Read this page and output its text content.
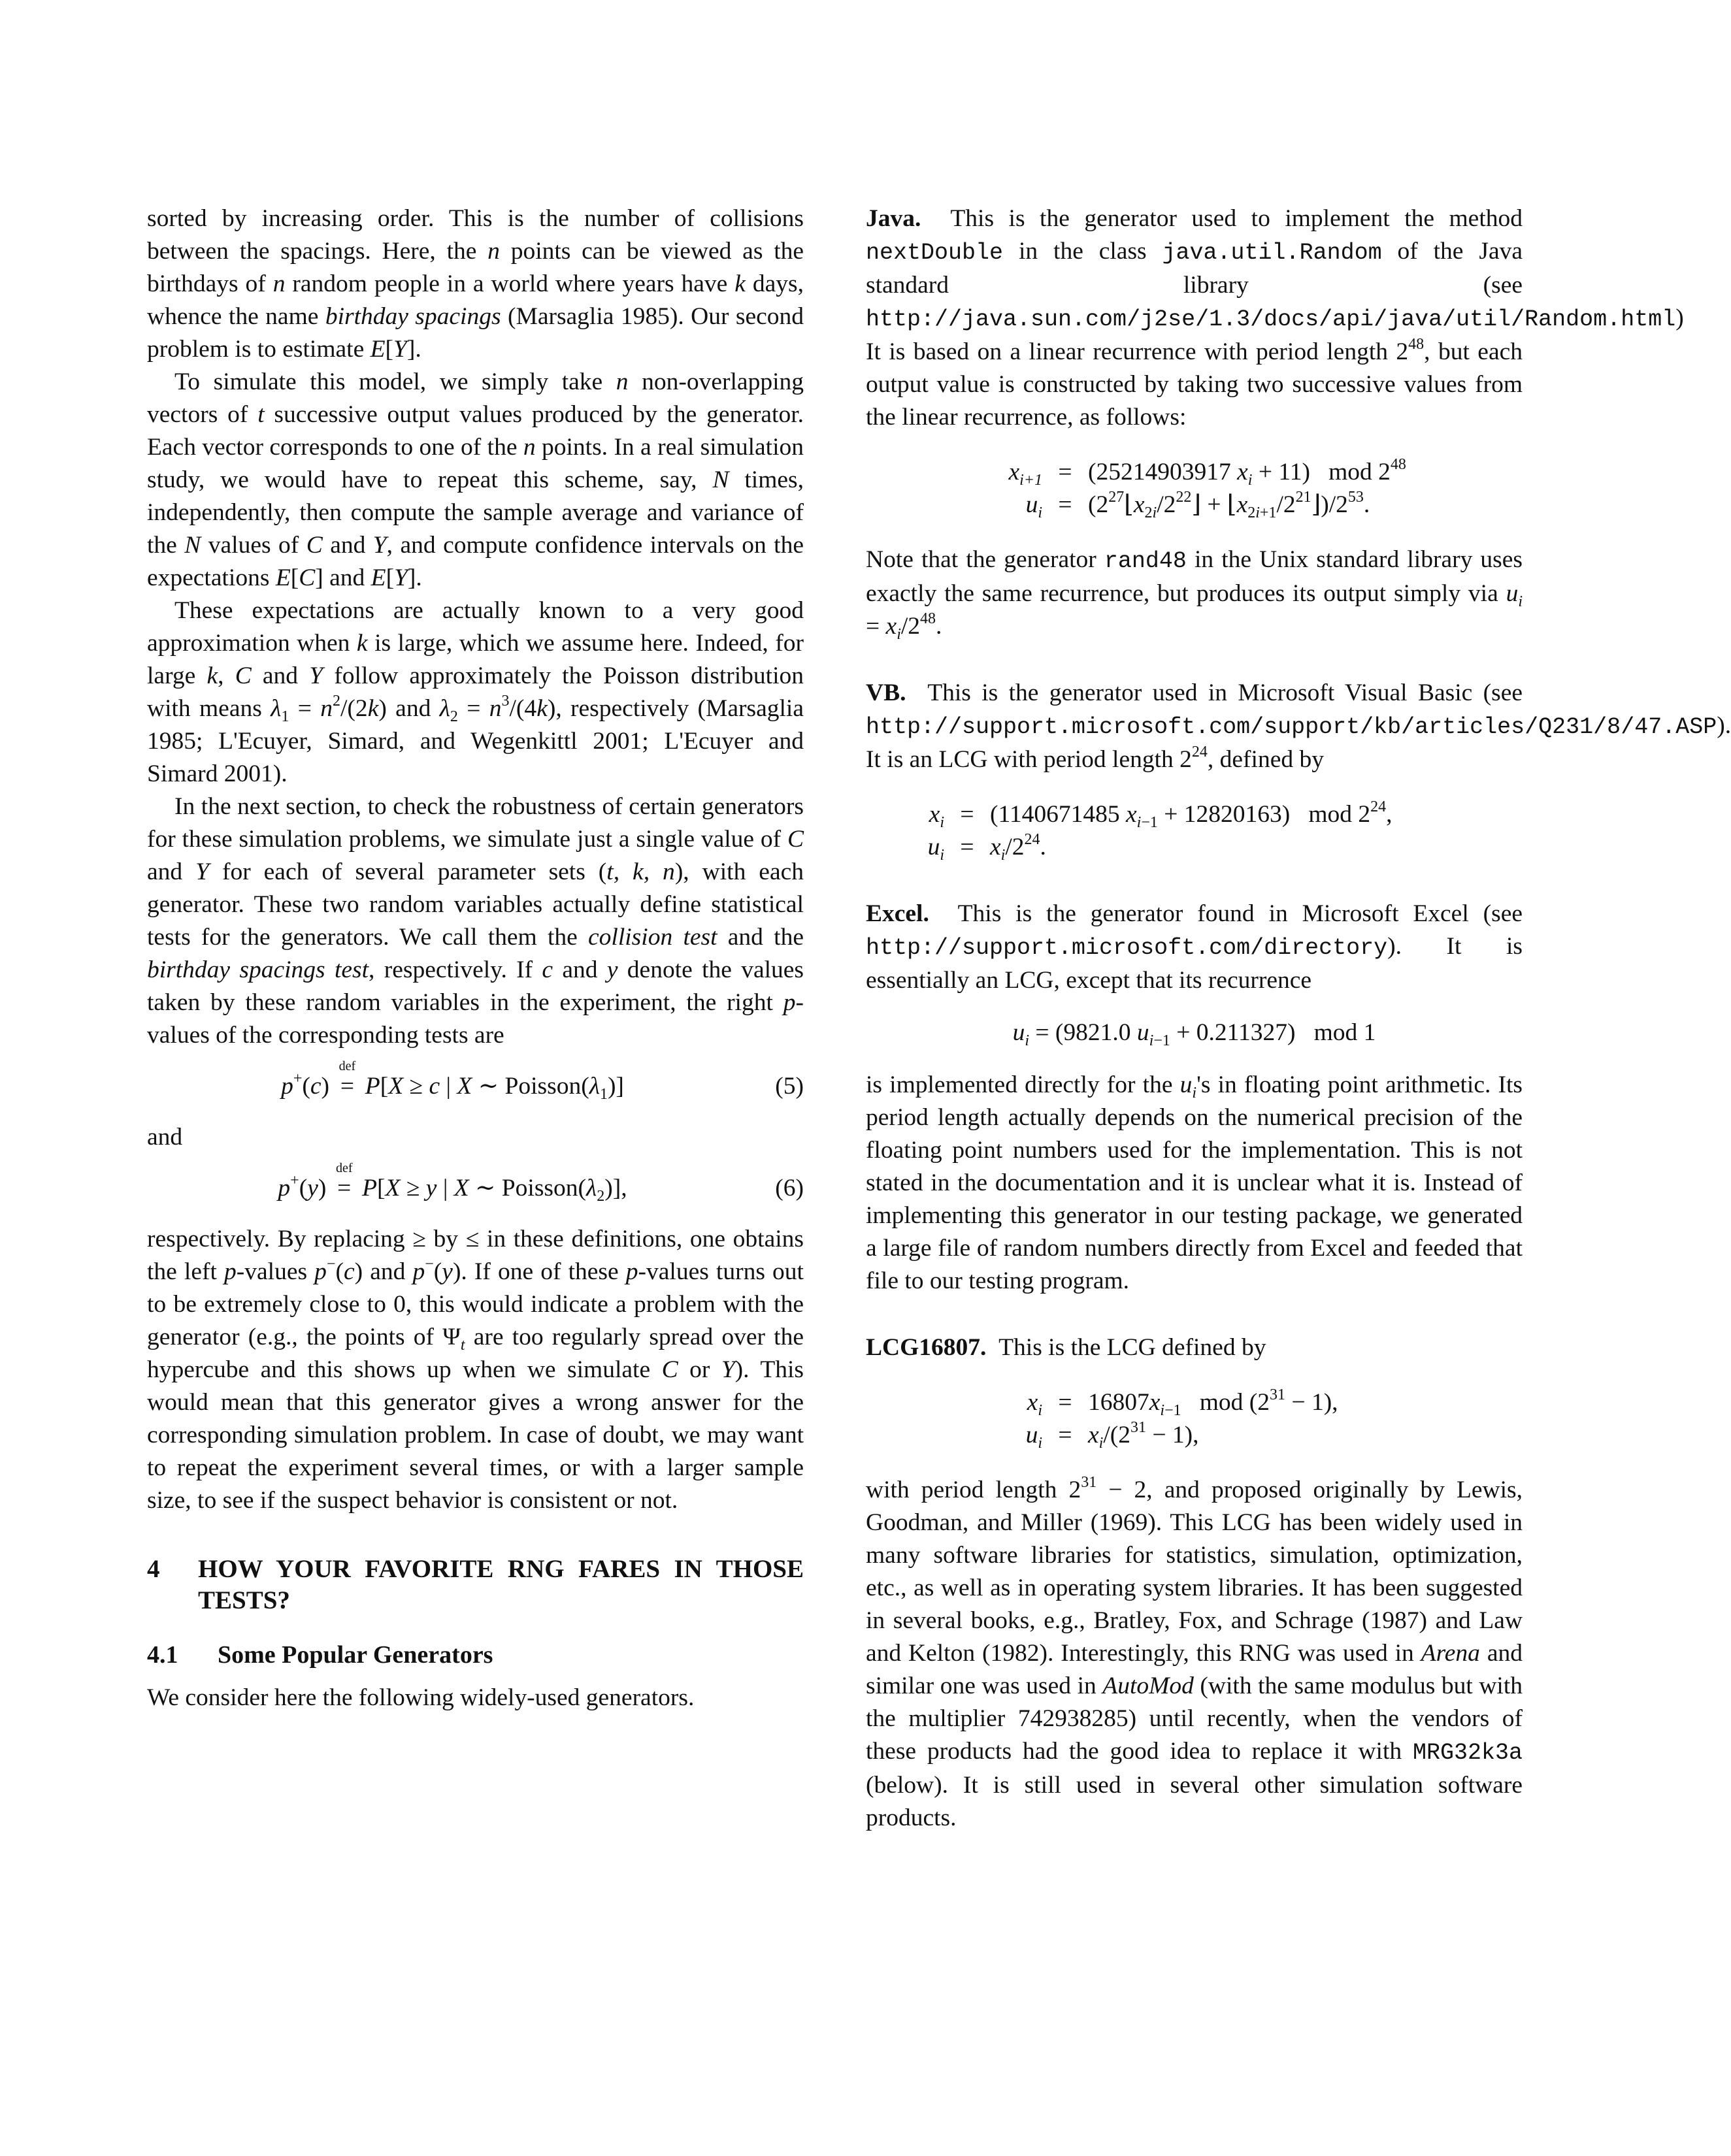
sorted by increasing order. This is the number of collisions between the spacings. Here, the n points can be viewed as the birthdays of n random people in a world where years have k days, whence the name birthday spacings (Marsaglia 1985). Our second problem is to estimate E[Y].

To simulate this model, we simply take n non-overlapping vectors of t successive output values produced by the generator. Each vector corresponds to one of the n points. In a real simulation study, we would have to repeat this scheme, say, N times, independently, then compute the sample average and variance of the N values of C and Y, and compute confidence intervals on the expectations E[C] and E[Y].

These expectations are actually known to a very good approximation when k is large, which we assume here. Indeed, for large k, C and Y follow approximately the Poisson distribution with means $\lambda_1 = n^2/(2k)$ and $\lambda_2 = n^3/(4k)$, respectively (Marsaglia 1985; L'Ecuyer, Simard, and Wegenkittl 2001; L'Ecuyer and Simard 2001).

In the next section, to check the robustness of certain generators for these simulation problems, we simulate just a single value of C and Y for each of several parameter sets (t, k, n), with each generator. These two random variables actually define statistical tests for the generators. We call them the collision test and the birthday spacings test, respectively. If c and y denote the values taken by these random variables in the experiment, the right p-values of the corresponding tests are

p+(c)
def
= P[X ≥ c | X ∼ $Poisson(\lambda_1)$]	(5)

and

p+(y)
def
= P[X ≥ y | X ∼ $Poisson(\lambda_2)$],	(6)

respectively. By replacing ≥ by ≤ in these definitions, one obtains the left p-values p−(c) and p−(y). If one of these p-values turns out to be extremely close to 0, this would indicate a problem with the generator (e.g., the points of $\Psi_t$ are too regularly spread over the hypercube and this shows up when we simulate C or Y). This would mean that this generator gives a wrong answer for the corresponding simulation problem. In case of doubt, we may want to repeat the experiment several times, or with a larger sample size, to see if the suspect behavior is consistent or not.

4	HOW YOUR FAVORITE RNG FARES IN THOSE TESTS?
4.1	Some Popular Generators

We consider here the following widely-used generators.

Java.  This is the generator used to implement the method nextDouble in the class java.util.Random of the Java standard library (see http://java.sun.com/j2se/1.3/docs/api/java/util/Random.html) It is based on a linear recurrence with period length $2^{48}$, but each output value is constructed by taking two successive values from the linear recurrence, as follows:

$x_{i+1} = (25214903917$ $x_i + 11$)   mod $2^{48}$
$u_i$ = ($2^{27}⌊x_{2i}/2^{22}⌋$ + $⌊x_{2i+1}/2^{21}⌋)/2^{53}$.

Note that the generator rand48 in the Unix standard library uses exactly the same recurrence, but produces its output simply via $u_i = x_i/2^{48}$.

VB.  This is the generator used in Microsoft Visual Basic (see http://support.microsoft.com/support/kb/articles/Q231/8/47.ASP). It is an LCG with period length $2^{24}$, defined by

$x_i = (1140671485$ $x_{i-1} + 12820163$)   mod $2^{24}$,
$u_i = x_i/2^{24}$.

Excel.  This is the generator found in Microsoft Excel (see http://support.microsoft.com/directory). It is essentially an LCG, except that its recurrence

$u_i = (9821.0$ $u_{i-1} + 0.211327$)   mod 1

is implemented directly for the $u_i's$ in floating point arithmetic. Its period length actually depends on the numerical precision of the floating point numbers used for the implementation. This is not stated in the documentation and it is unclear what it is. Instead of implementing this generator in our testing package, we generated a large file of random numbers directly from Excel and feeded that file to our testing program.

LCG16807. This is the LCG defined by

$x_i = 16807x_{i-1}$   mod $(2^{31} - 1)$,
$u_i = x_i/(2^{31} - 1)$,

with period length $2^{31} - 2$, and proposed originally by Lewis, Goodman, and Miller (1969). This LCG has been widely used in many software libraries for statistics, simulation, optimization, etc., as well as in operating system libraries. It has been suggested in several books, e.g., Bratley, Fox, and Schrage (1987) and Law and Kelton (1982). Interestingly, this RNG was used in Arena and similar one was used in AutoMod (with the same modulus but with the multiplier 742938285) until recently, when the vendors of these products had the good idea to replace it with MRG32k3a (below). It is still used in several other simulation software products.
